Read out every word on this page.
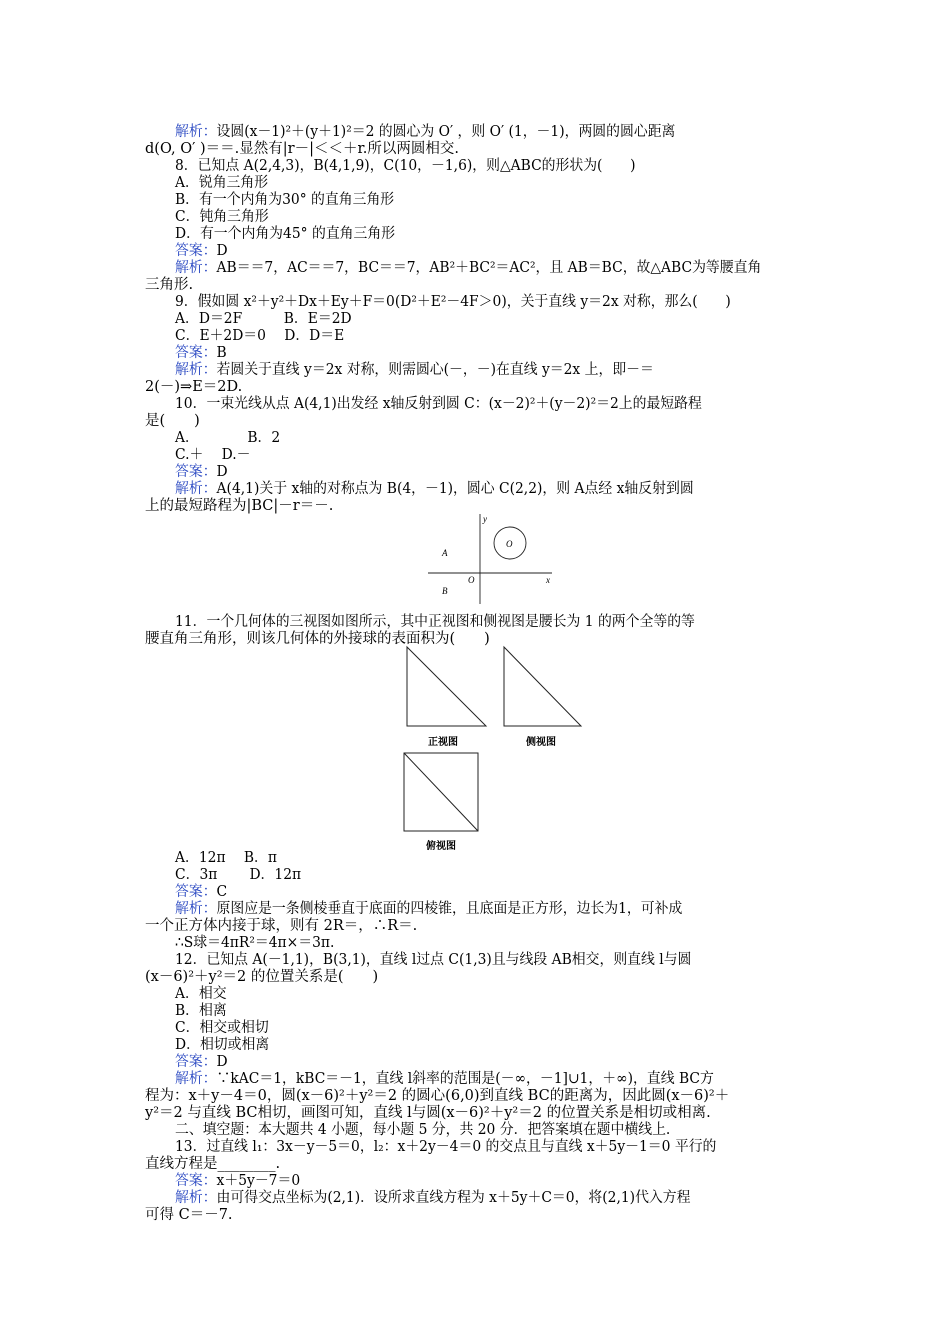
解析：设圆(x－1)²＋(y＋1)²＝2 的圆心为 O′ ，则 O′ (1，－1)，两圆的圆心距离
d(O, O′ )＝＝.显然有|r－|＜＜＋r.所以两圆相交.
8．已知点 A(2,4,3)，B(4,1,9)，C(10，－1,6)，则△ABC的形状为(　　)
A．锐角三角形
B．有一个内角为30° 的直角三角形
C．钝角三角形
D．有一个内角为45° 的直角三角形
答案：D
解析：AB＝＝7，AC＝＝7，BC＝＝7，AB²＋BC²＝AC²，且 AB＝BC，故△ABC为等腰直角
三角形.
9．假如圆 x²＋y²＋Dx＋Ey＋F＝0(D²＋E²－4F＞0)，关于直线 y＝2x 对称，那么(　　)
A．D＝2F　　　B．E＝2D
C．E＋2D＝0　 D．D＝E
答案：B
解析：若圆关于直线 y＝2x 对称，则需圆心(－，－)在直线 y＝2x 上，即－＝
2(－)⇒E＝2D.
10．一束光线从点 A(4,1)出发经 x轴反射到圆 C：(x－2)²＋(y－2)²＝2上的最短路程
是(　　)
A．　　　　B．2
C.＋　 D.－
答案：D
解析：A(4,1)关于 x轴的对称点为 B(4，－1)，圆心 C(2,2)，则 A点经 x轴反射到圆
上的最短路程为|BC|－r＝－.
y
O
A
O	x
B
11．一个几何体的三视图如图所示，其中正视图和侧视图是腰长为 1 的两个全等的等
腰直角三角形，则该几何体的外接球的表面积为(　　)
正视图	侧视图
俯视图
A．12π　 B．π
C．3π　　 D．12π
答案：C
解析：原图应是一条侧棱垂直于底面的四棱锥，且底面是正方形，边长为1，可补成
一个正方体内接于球，则有 2R＝，∴R＝.
∴S球＝4πR²＝4π×＝3π.
12．已知点 A(－1,1)，B(3,1)，直线 l过点 C(1,3)且与线段 AB相交，则直线 l与圆
(x－6)²＋y²＝2 的位置关系是(　　)
A．相交
B．相离
C．相交或相切
D．相切或相离
答案：D
解析：∵kAC＝1，kBC＝－1，直线 l斜率的范围是(－∞，－1]∪1，＋∞)，直线 BC方
程为：x＋y－4＝0，圆(x－6)²＋y²＝2 的圆心(6,0)到直线 BC的距离为，因此圆(x－6)²＋
y²＝2 与直线 BC相切，画图可知，直线 l与圆(x－6)²＋y²＝2 的位置关系是相切或相离.
二、填空题：本大题共 4 小题，每小题 5 分，共 20 分．把答案填在题中横线上.
13．过直线 l₁：3x－y－5＝0，l₂：x＋2y－4＝0 的交点且与直线 x＋5y－1＝0 平行的
直线方程是________.
答案：x＋5y－7＝0
解析：由可得交点坐标为(2,1)．设所求直线方程为 x＋5y＋C＝0，将(2,1)代入方程
可得 C＝－7.
